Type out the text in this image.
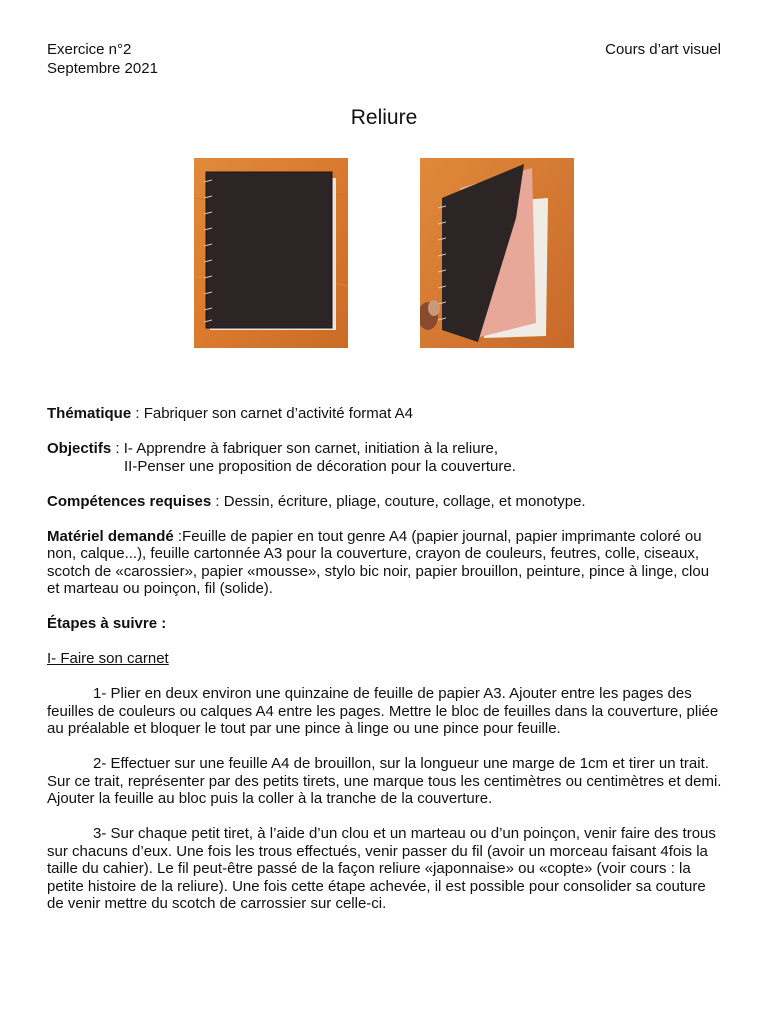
Exercice n°2
Septembre 2021
Cours d’art visuel
Reliure

Thématique : Fabriquer son carnet d’activité format A4

Objectifs : I- Apprendre à fabriquer son carnet, initiation à la reliure,
II-Penser une proposition de décoration pour la couverture.

Compétences requises : Dessin, écriture, pliage, couture, collage, et monotype.

Matériel demandé :Feuille de papier en tout genre A4 (papier journal, papier imprimante coloré ou non, calque...), feuille cartonnée A3 pour la couverture, crayon de couleurs, feutres, colle, ciseaux, scotch de «carossier», papier «mousse», stylo bic noir, papier brouillon, peinture, pince à linge, clou et marteau ou poinçon, fil (solide).

Étapes à suivre :

I- Faire son carnet

1- Plier en deux environ une quinzaine de feuille de papier A3. Ajouter entre les pages des feuilles de couleurs ou calques A4 entre les pages. Mettre le bloc de feuilles dans la couverture, pliée au préalable et bloquer le tout par une pince à linge ou une pince pour feuille.

2- Effectuer sur une feuille A4 de brouillon, sur la longueur une marge de 1cm et tirer un trait. Sur ce trait, représenter par des petits tirets, une marque tous les centimètres ou centimètres et demi. Ajouter la feuille au bloc puis la coller à la tranche de la couverture.

3- Sur chaque petit tiret, à l’aide d’un clou et un marteau ou d’un poinçon, venir faire des trous sur chacuns d’eux. Une fois les trous effectués, venir passer du fil (avoir un morceau faisant 4fois la taille du cahier). Le fil peut-être passé de la façon reliure «japonnaise» ou «copte» (voir cours : la petite histoire de la reliure). Une fois cette étape achevée, il est possible pour consolider sa couture de venir mettre du scotch de carrossier sur celle-ci.
